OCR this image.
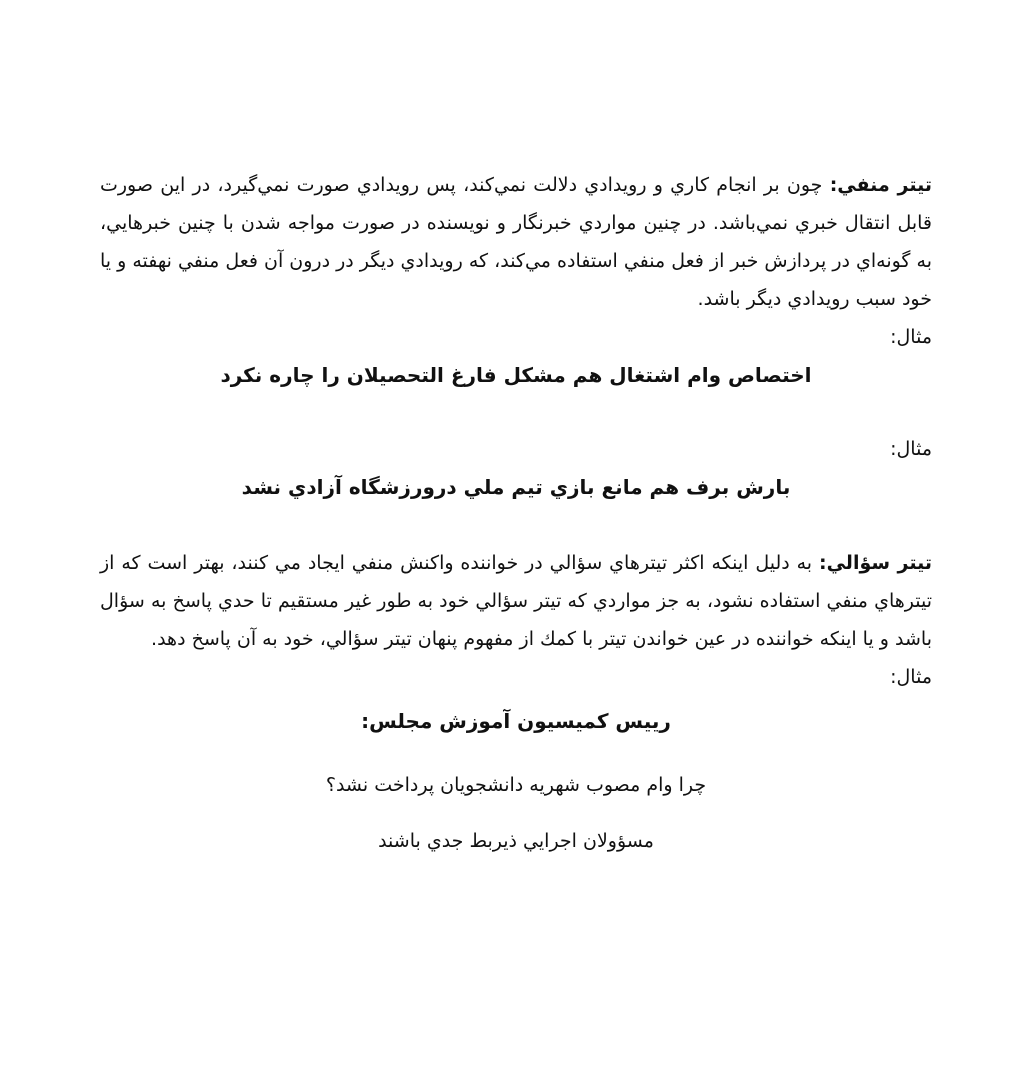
تیتر منفي: چون بر انجام كاري و رويدادي دلالت نمي‌كند، پس رويدادي صورت نمي‌گيرد، در اين صورت قابل انتقال خبري نمي‌باشد. در چنين مواردي خبرنگار و نويسنده در صورت مواجه شدن با چنين خبرهايي، به گونه‌اي در پردازش خبر از فعل منفي استفاده مي‌كند، كه رويدادي ديگر در درون آن فعل منفي نهفته و يا خود سبب رويدادي ديگر باشد.

مثال:

اختصاص وام اشتغال هم مشكل فارغ التحصيلان را چاره نكرد

مثال:

بارش برف هم مانع بازي تيم ملي درورزشگاه آزادي نشد

تیتر سؤالي: به دليل اينكه اكثر تيترهاي سؤالي در خواننده واكنش منفي ايجاد مي كنند، بهتر است كه از تيترهاي منفي استفاده نشود، به جز مواردي كه تيتر سؤالي خود به طور غير مستقيم تا حدي پاسخ به سؤال باشد و يا اينكه خواننده در عين خواندن تيتر با كمك از مفهوم پنهان تيتر سؤالي، خود به آن پاسخ دهد.

مثال:

رييس كميسيون آموزش مجلس:

چرا وام مصوب شهريه دانشجويان پرداخت نشد؟

مسؤولان اجرايي ذيربط جدي باشند
